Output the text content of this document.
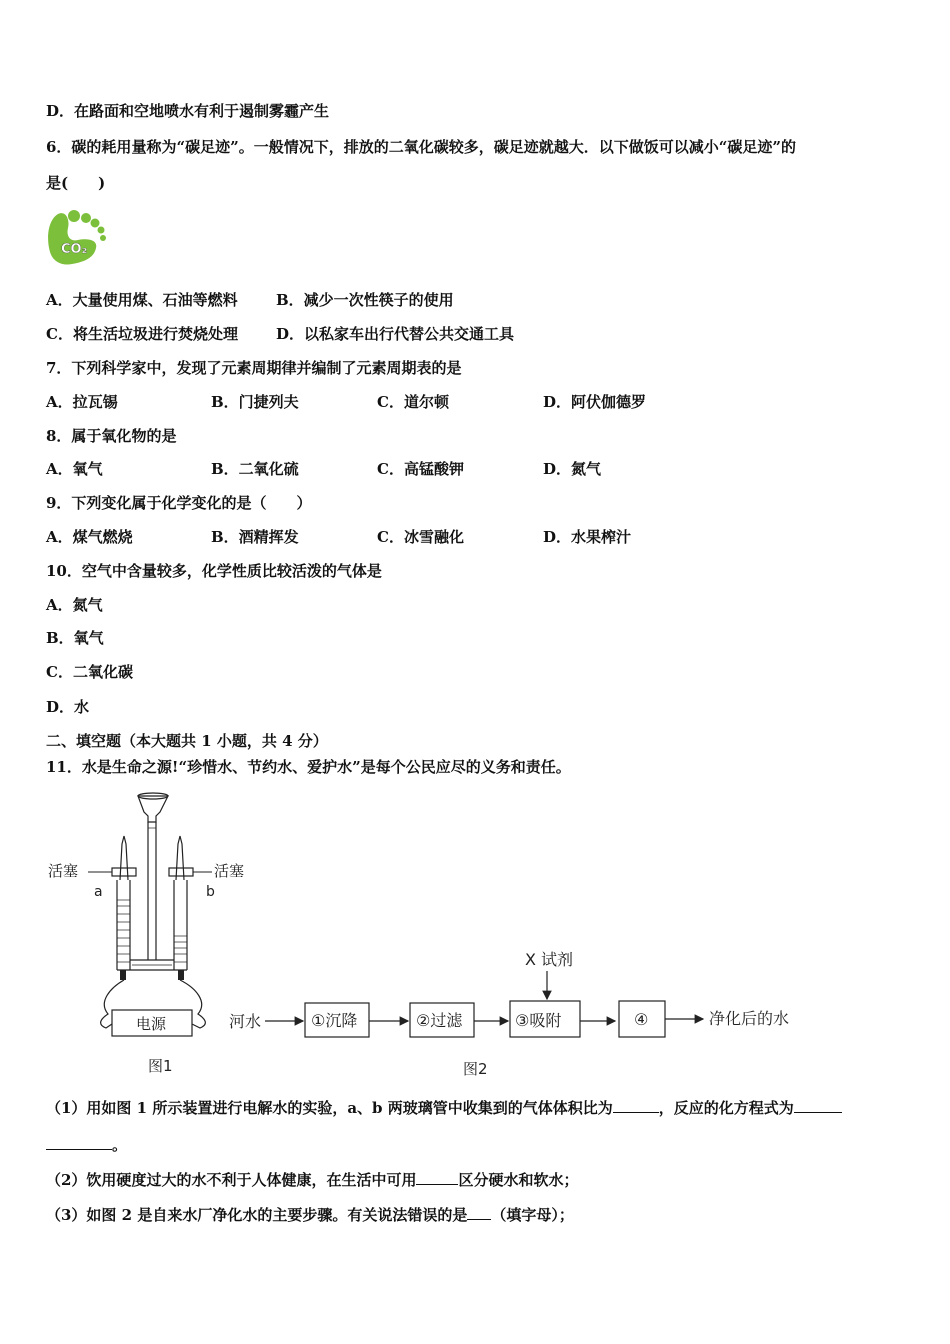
D．在路面和空地喷水有利于遏制雾霾产生
6．碳的耗用量称为“碳足迹”。一般情况下，排放的二氧化碳较多，碳足迹就越大．以下做饭可以减小“碳足迹”的
是(　　)
CO₂
A．大量使用煤、石油等燃料	B．减少一次性筷子的使用
C．将生活垃圾进行焚烧处理	D．以私家车出行代替公共交通工具
7．下列科学家中，发现了元素周期律并编制了元素周期表的是
A．拉瓦锡	B．门捷列夫	C．道尔顿	D．阿伏伽德罗
8．属于氧化物的是
A．氧气	B．二氧化硫	C．高锰酸钾	D．氮气
9．下列变化属于化学变化的是（　　）
A．煤气燃烧	B．酒精挥发	C．冰雪融化	D．水果榨汁
10．空气中含量较多，化学性质比较活泼的气体是
A．氮气
B．氧气
C．二氧化碳
D．水
二、填空题（本大题共 1 小题，共 4 分）
11．水是生命之源!“珍惜水、节约水、爱护水”是每个公民应尽的义务和责任。
活塞	活塞
a	b
电源
图1
河水	①沉降	②过滤	③吸附
X 试剂
④	净化后的水
图2
（1）用如图 1 所示装置进行电解水的实验，a、b 两玻璃管中收集到的气体体积比为	，反应的化方程式为
。
（2）饮用硬度过大的水不利于人体健康，在生活中可用	区分硬水和软水；
（3）如图 2 是自来水厂净化水的主要步骤。有关说法错误的是 （填字母）；
